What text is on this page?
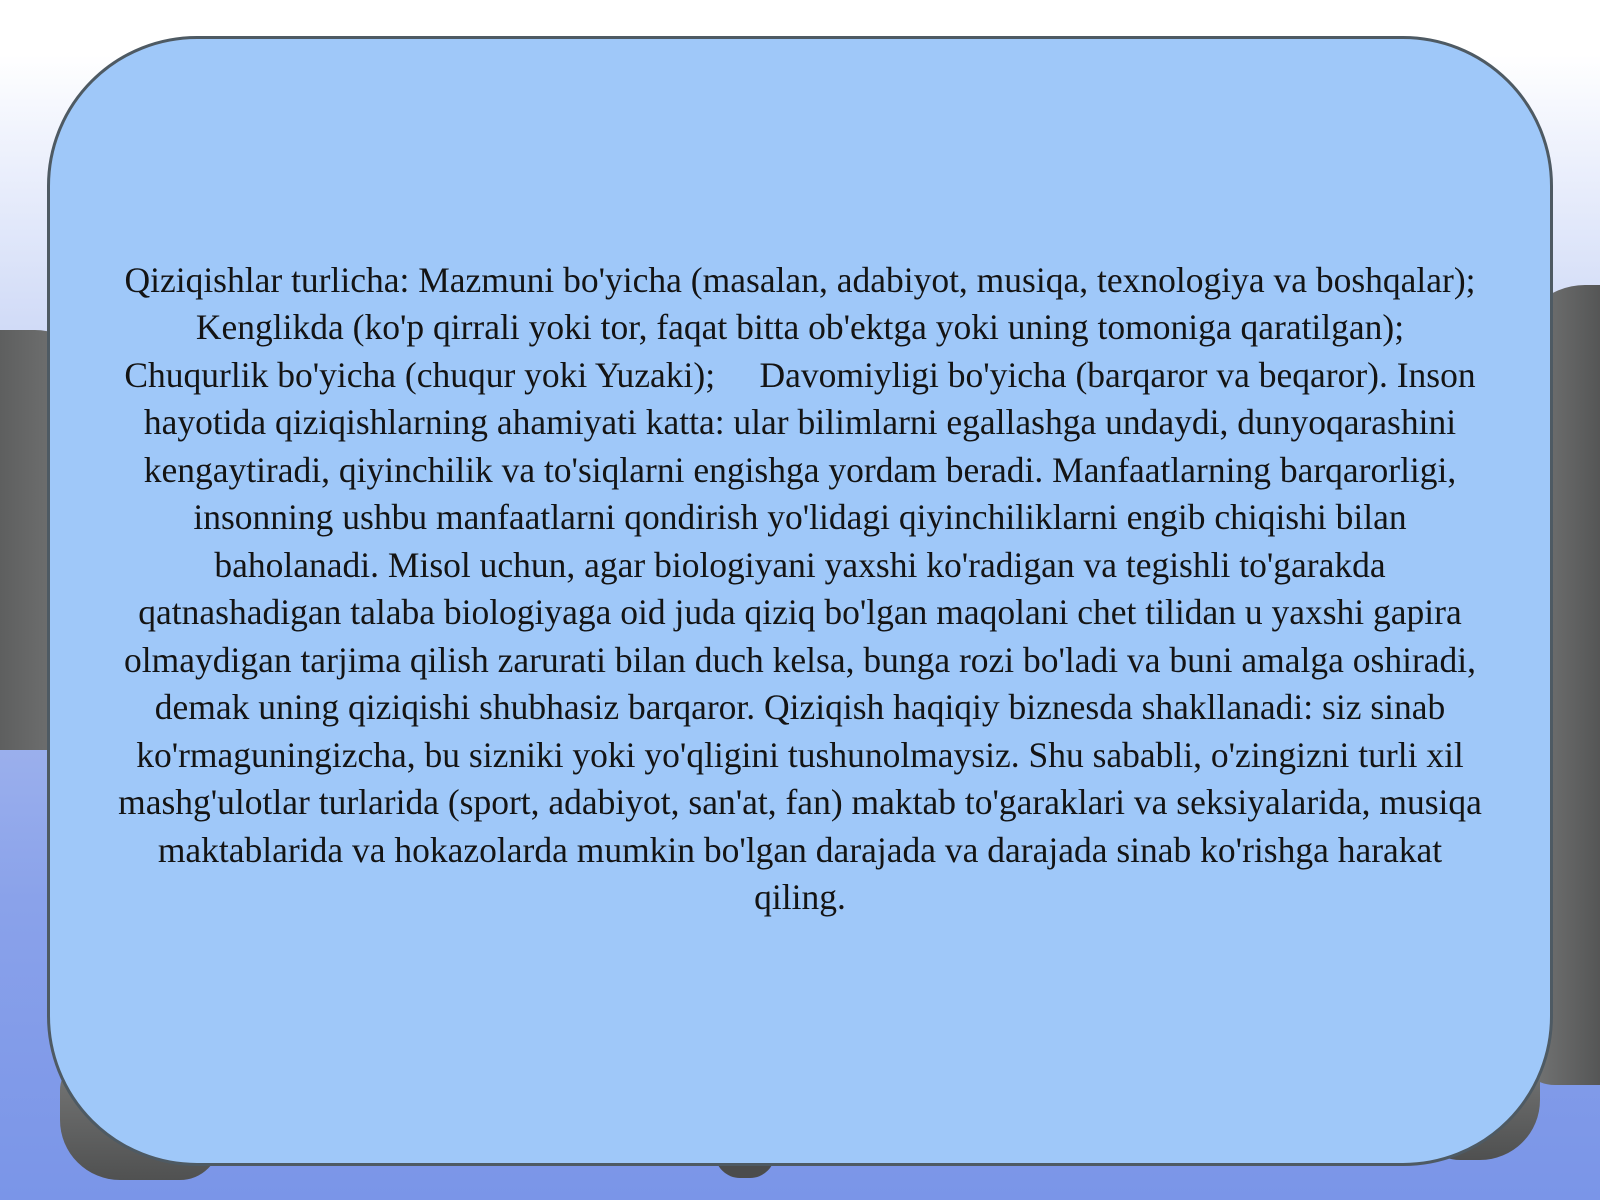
Qiziqishlar turlicha: Mazmuni bo'yicha (masalan, adabiyot, musiqa, texnologiya va boshqalar);     Kenglikda (ko'p qirrali yoki tor, faqat bitta ob'ektga yoki uning tomoniga qaratilgan);     Chuqurlik bo'yicha (chuqur yoki Yuzaki);     Davomiyligi bo'yicha (barqaror va beqaror). Inson hayotida qiziqishlarning ahamiyati katta: ular bilimlarni egallashga undaydi, dunyoqarashini kengaytiradi, qiyinchilik va to'siqlarni engishga yordam beradi. Manfaatlarning barqarorligi, insonning ushbu manfaatlarni qondirish yo'lidagi qiyinchiliklarni engib chiqishi bilan baholanadi. Misol uchun, agar biologiyani yaxshi ko'radigan va tegishli to'garakda qatnashadigan talaba biologiyaga oid juda qiziq bo'lgan maqolani chet tilidan u yaxshi gapira olmaydigan tarjima qilish zarurati bilan duch kelsa, bunga rozi bo'ladi va buni amalga oshiradi, demak uning qiziqishi shubhasiz barqaror. Qiziqish haqiqiy biznesda shakllanadi: siz sinab ko'rmaguningizcha, bu sizniki yoki yo'qligini tushunolmaysiz. Shu sababli, o'zingizni turli xil mashg'ulotlar turlarida (sport, adabiyot, san'at, fan) maktab to'garaklari va seksiyalarida, musiqa maktablarida va hokazolarda mumkin bo'lgan darajada va darajada sinab ko'rishga harakat qiling.
